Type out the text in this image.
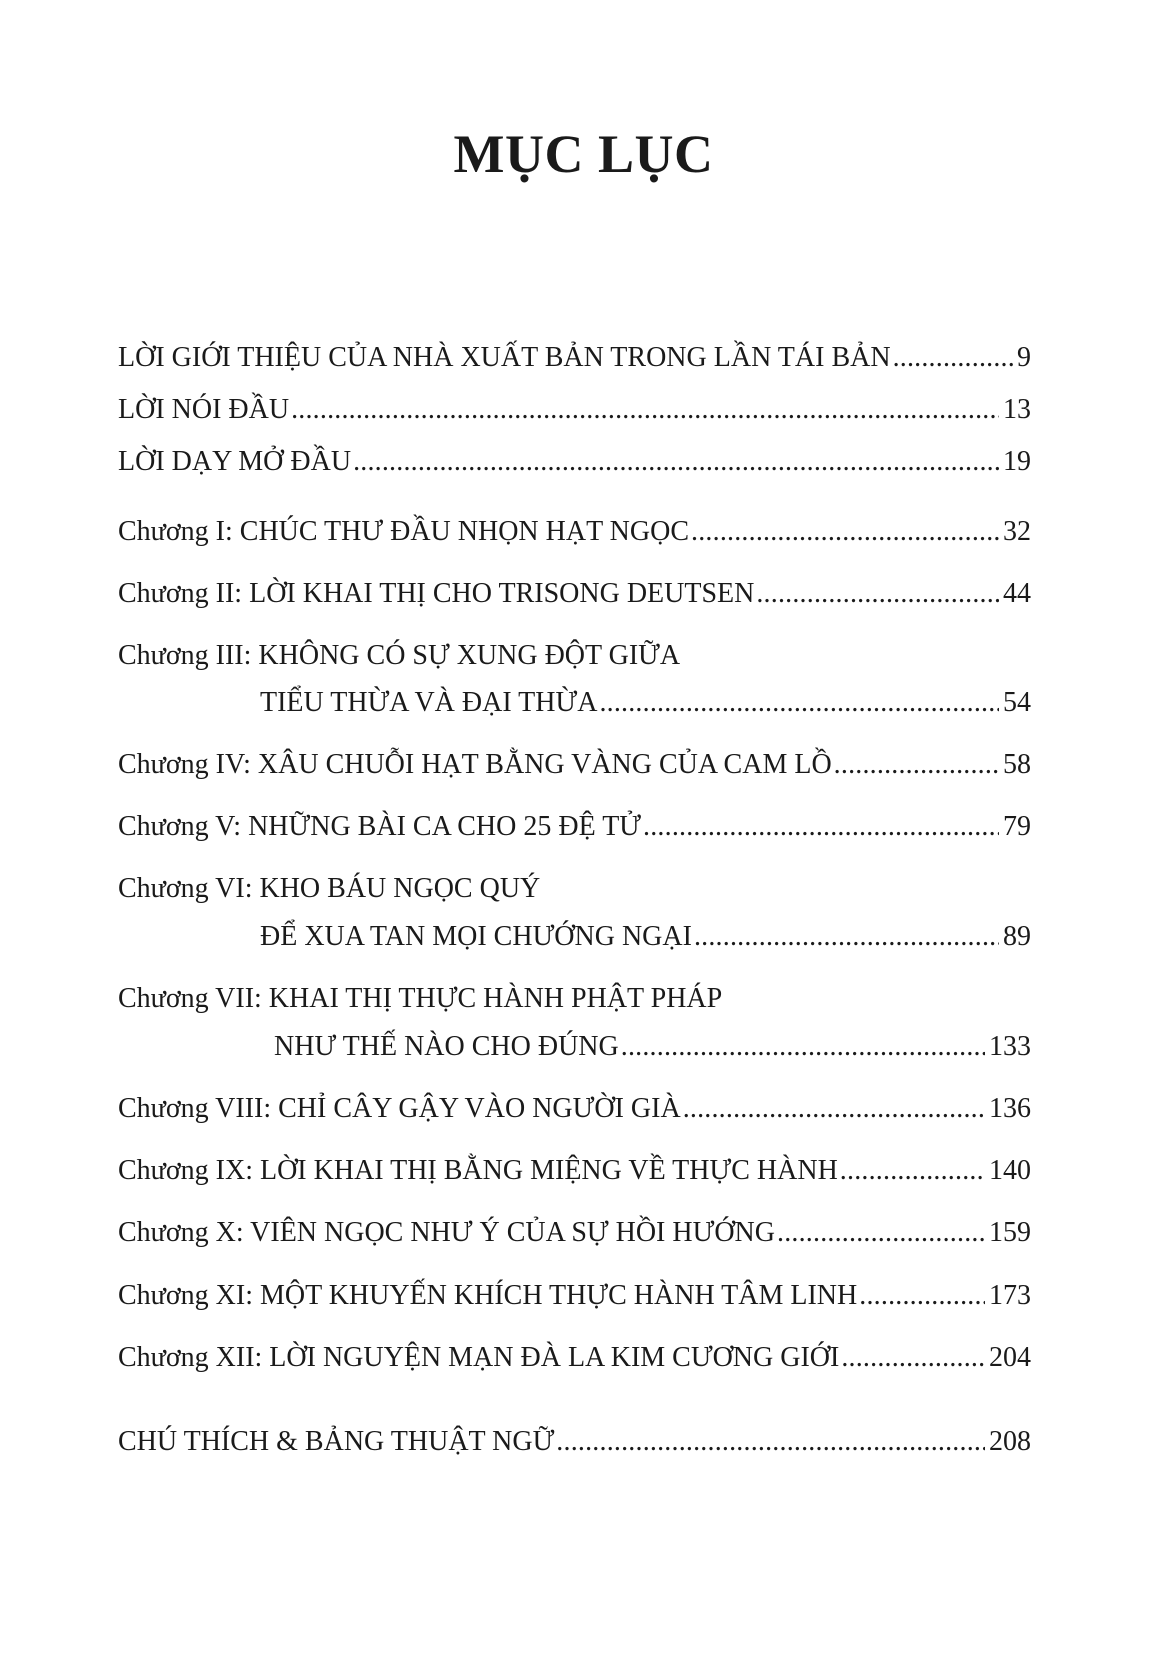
MỤC LỤC
LỜI GIỚI THIỆU CỦA NHÀ XUẤT BẢN TRONG LẦN TÁI BẢN .....	9
LỜI NÓI ĐẦU .....	13
LỜI DẠY MỞ ĐẦU .....	19
Chương I: CHÚC THƯ ĐẦU NHỌN HẠT NGỌC .....	32
Chương II: LỜI KHAI THỊ CHO TRISONG DEUTSEN .....	44
Chương III: KHÔNG CÓ SỰ XUNG ĐỘT GIỮA
TIỂU THỪA VÀ ĐẠI THỪA .....	54
Chương IV: XÂU CHUỖI HẠT BẰNG VÀNG CỦA CAM LỒ .....	58
Chương V: NHỮNG BÀI CA CHO 25 ĐỆ TỬ .....	79
Chương VI: KHO BÁU NGỌC QUÝ
ĐỂ XUA TAN MỌI CHƯỚNG NGẠI .....	89
Chương VII: KHAI THỊ THỰC HÀNH PHẬT PHÁP
NHƯ THẾ NÀO CHO ĐÚNG .....	133
Chương VIII: CHỈ CÂY GẬY VÀO NGƯỜI GIÀ .....	136
Chương IX: LỜI KHAI THỊ BẰNG MIỆNG VỀ THỰC HÀNH .....	140
Chương X: VIÊN NGỌC NHƯ Ý CỦA SỰ HỒI HƯỚNG .....	159
Chương XI: MỘT KHUYẾN KHÍCH THỰC HÀNH TÂM LINH .....	173
Chương XII: LỜI NGUYỆN MẠN ĐÀ LA KIM CƯƠNG GIỚI .....	204
CHÚ THÍCH & BẢNG THUẬT NGỮ .....	208
